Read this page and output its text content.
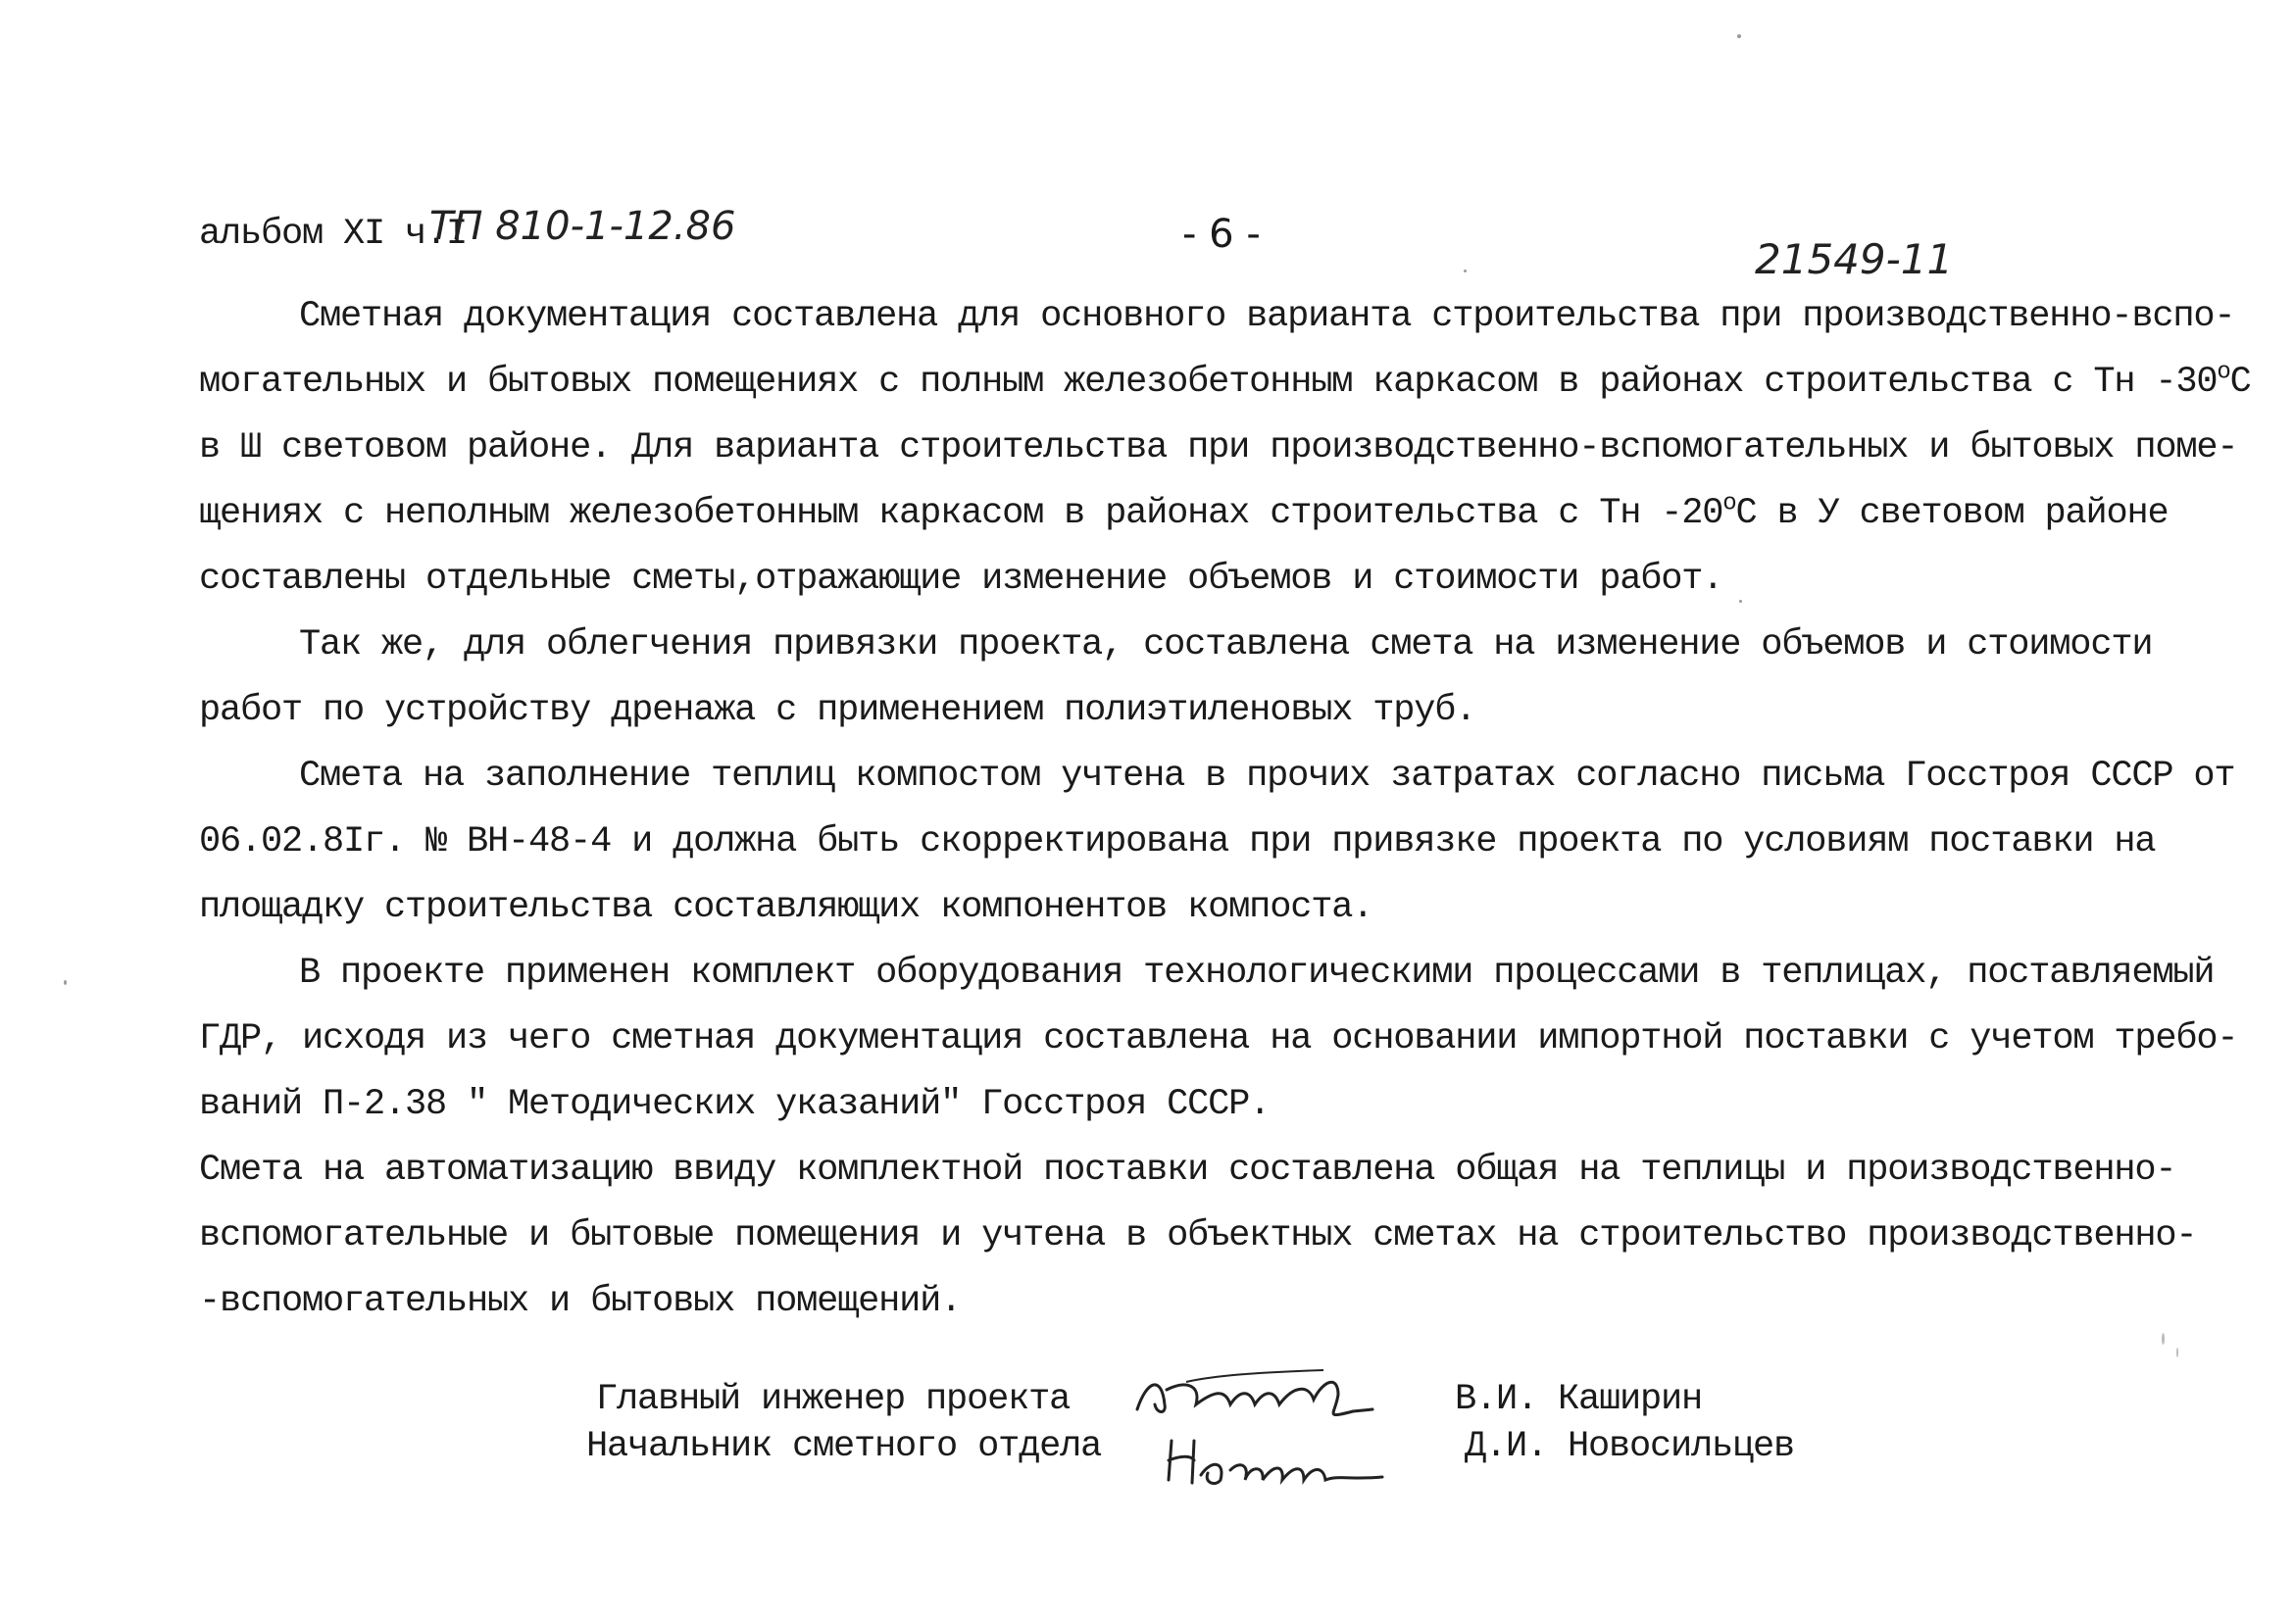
альбом XI ч.I
ТП 810-1-12.86	- 6 -
21549-11
Сметная документация составлена для основного варианта строительства при производственно-вспо-
могательных и бытовых помещениях с полным железобетонным каркасом в районах строительства с Тн $-30^оС$
в Ш световом районе. Для варианта строительства при производственно-вспомогательных и бытовых поме-
щениях с неполным железобетонным каркасом в районах строительства с Тн $-20^оС$ в У световом районе
составлены отдельные сметы,отражающие изменение объемов и стоимости работ.
Так же, для облегчения привязки проекта, составлена смета на изменение объемов и стоимости
работ по устройству дренажа с применением полиэтиленовых труб.
Смета на заполнение теплиц компостом учтена в прочих затратах согласно письма Госстроя СССР от
06.02.8Iг. № ВН-48-4 и должна быть скорректирована при привязке проекта по условиям поставки на
площадку строительства составляющих компонентов компоста.
В проекте применен комплект оборудования технологическими процессами в теплицах, поставляемый
ГДР, исходя из чего сметная документация составлена на основании импортной поставки с учетом требо-
ваний П-2.38 " Методических указаний" Госстроя СССР.
Смета на автоматизацию ввиду комплектной поставки составлена общая на теплицы и производственно-
вспомогательные и бытовые помещения и учтена в объектных сметах на строительство производственно-
-вспомогательных и бытовых помещений.
Главный инженер проекта	В.И. Каширин
Начальник сметного отдела	Д.И. Новосильцев
